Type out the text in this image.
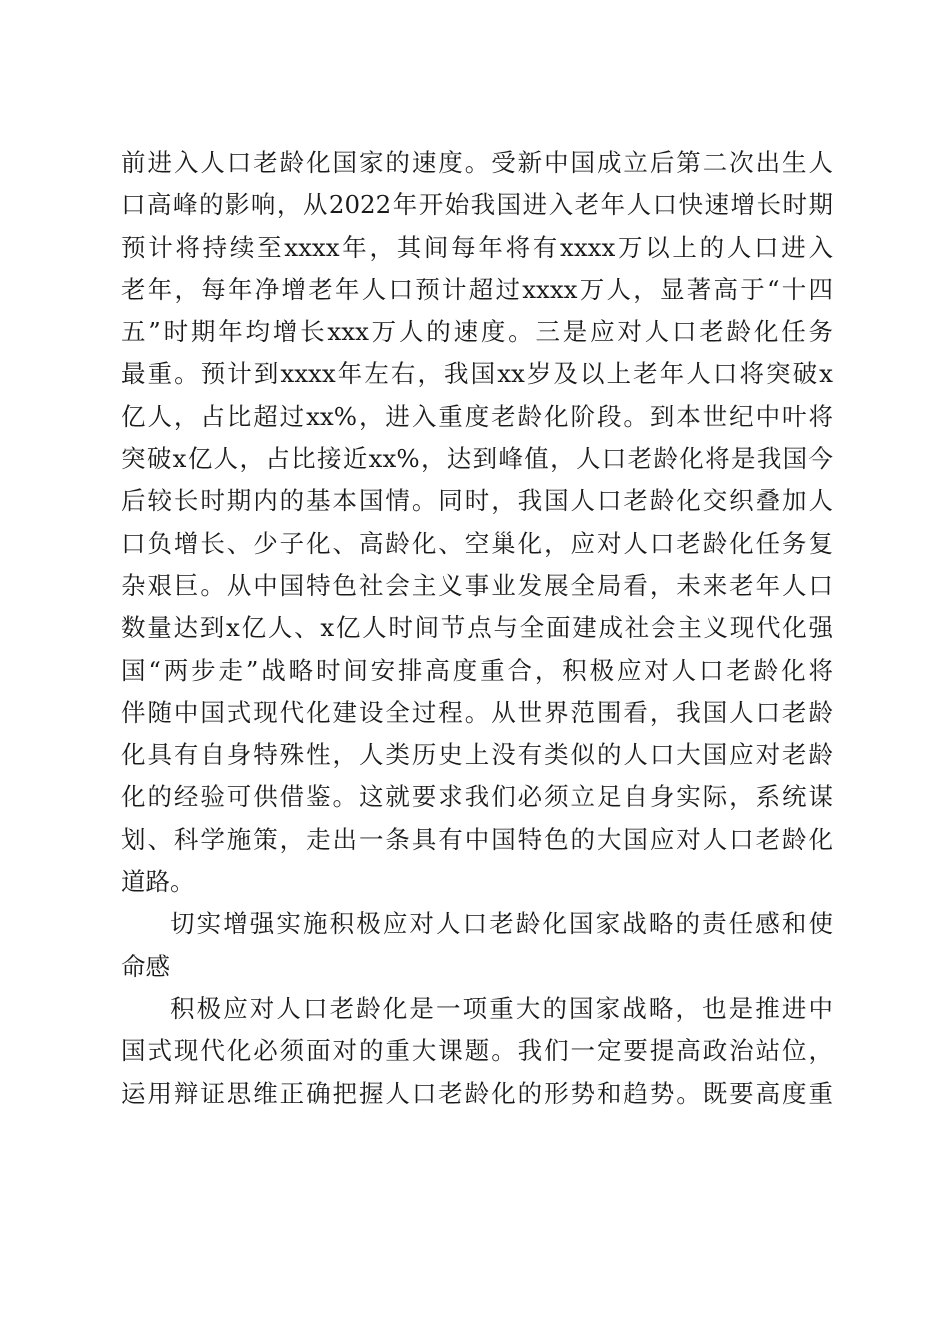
前进入人口老龄化国家的速度。受新中国成立后第二次出生人
口高峰的影响，从2022年开始我国进入老年人口快速增长时期
预计将持续至xxxx年，其间每年将有xxxx万以上的人口进入
老年，每年净增老年人口预计超过xxxx万人，显著高于“十四
五”时期年均增长xxx万人的速度。三是应对人口老龄化任务
最重。预计到xxxx年左右，我国xx岁及以上老年人口将突破x
亿人，占比超过xx%，进入重度老龄化阶段。到本世纪中叶将
突破x亿人，占比接近xx%，达到峰值，人口老龄化将是我国今
后较长时期内的基本国情。同时，我国人口老龄化交织叠加人
口负增长、少子化、高龄化、空巢化，应对人口老龄化任务复
杂艰巨。从中国特色社会主义事业发展全局看，未来老年人口
数量达到x亿人、x亿人时间节点与全面建成社会主义现代化强
国“两步走”战略时间安排高度重合，积极应对人口老龄化将
伴随中国式现代化建设全过程。从世界范围看，我国人口老龄
化具有自身特殊性，人类历史上没有类似的人口大国应对老龄
化的经验可供借鉴。这就要求我们必须立足自身实际，系统谋
划、科学施策，走出一条具有中国特色的大国应对人口老龄化
道路。
切实增强实施积极应对人口老龄化国家战略的责任感和使
命感
积极应对人口老龄化是一项重大的国家战略，也是推进中
国式现代化必须面对的重大课题。我们一定要提高政治站位，
运用辩证思维正确把握人口老龄化的形势和趋势。既要高度重
